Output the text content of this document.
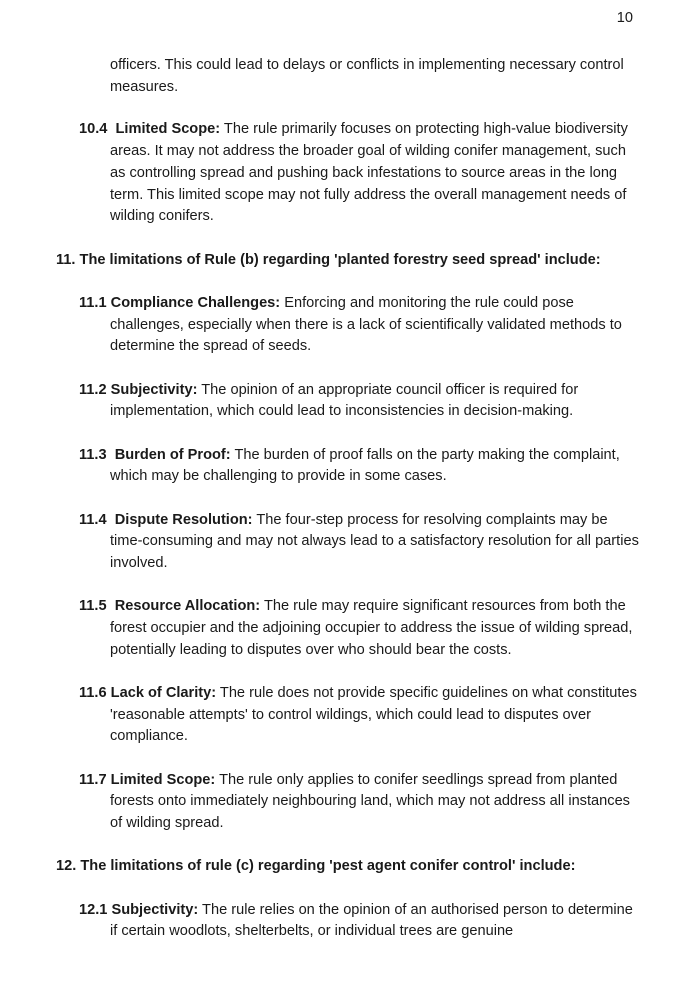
10
officers. This could lead to delays or conflicts in implementing necessary control measures.
10.4 Limited Scope: The rule primarily focuses on protecting high-value biodiversity areas. It may not address the broader goal of wilding conifer management, such as controlling spread and pushing back infestations to source areas in the long term. This limited scope may not fully address the overall management needs of wilding conifers.
11. The limitations of Rule (b) regarding 'planted forestry seed spread' include:
11.1 Compliance Challenges: Enforcing and monitoring the rule could pose challenges, especially when there is a lack of scientifically validated methods to determine the spread of seeds.
11.2 Subjectivity: The opinion of an appropriate council officer is required for implementation, which could lead to inconsistencies in decision-making.
11.3 Burden of Proof: The burden of proof falls on the party making the complaint, which may be challenging to provide in some cases.
11.4 Dispute Resolution: The four-step process for resolving complaints may be time-consuming and may not always lead to a satisfactory resolution for all parties involved.
11.5 Resource Allocation: The rule may require significant resources from both the forest occupier and the adjoining occupier to address the issue of wilding spread, potentially leading to disputes over who should bear the costs.
11.6 Lack of Clarity: The rule does not provide specific guidelines on what constitutes 'reasonable attempts' to control wildings, which could lead to disputes over compliance.
11.7 Limited Scope: The rule only applies to conifer seedlings spread from planted forests onto immediately neighbouring land, which may not address all instances of wilding spread.
12. The limitations of rule (c) regarding 'pest agent conifer control' include:
12.1 Subjectivity: The rule relies on the opinion of an authorised person to determine if certain woodlots, shelterbelts, or individual trees are genuine
